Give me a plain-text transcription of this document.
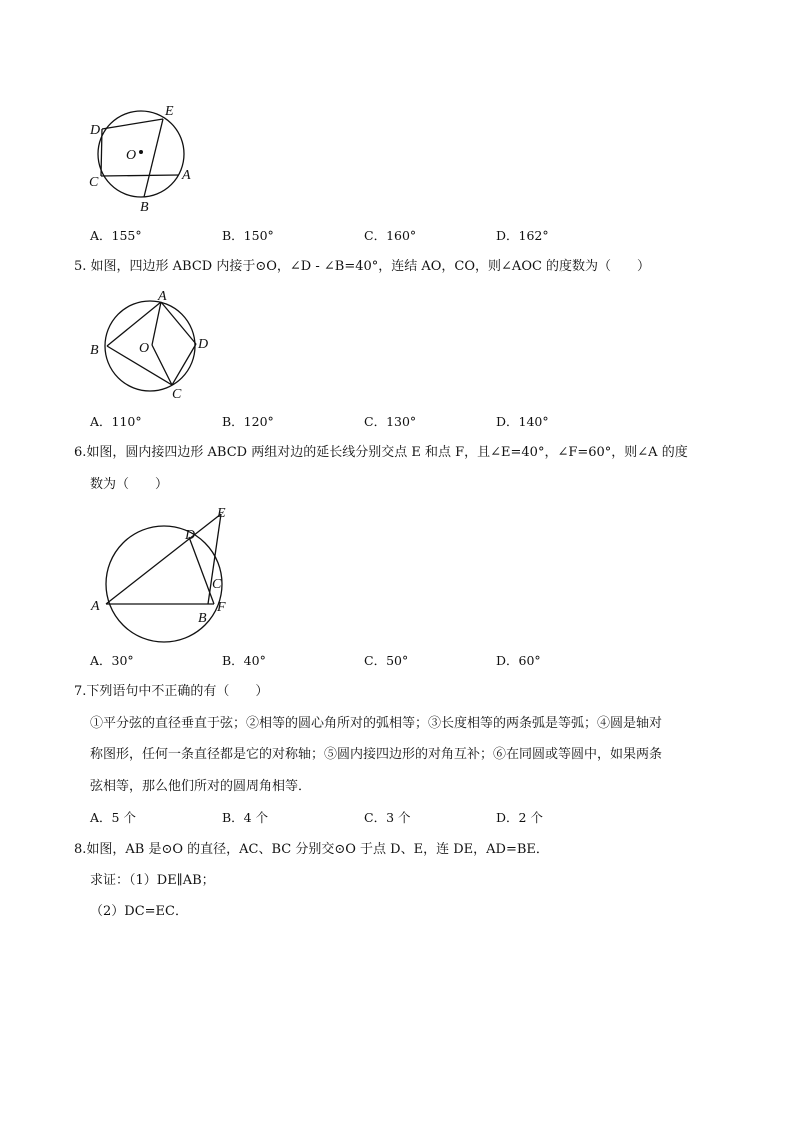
D
E
O
C	A
B
A．155°	B．150°	C．160°	D．162°
5. 如图，四边形 ABCD 内接于⊙O，∠D - ∠B=40°，连结 AO，CO，则∠AOC 的度数为（　　）
A
B	O	D
C
A．110°	B．120°	C．130°	D．140°
6.如图，圆内接四边形 ABCD 两组对边的延长线分别交点 E 和点 F，且∠E=40°，∠F=60°，则∠A 的度
数为（　　）
E
D
C
A	F
B
A．30°	B．40°	C．50°	D．60°
7.下列语句中不正确的有（　　）
①平分弦的直径垂直于弦；②相等的圆心角所对的弧相等；③长度相等的两条弧是等弧；④圆是轴对
称图形，任何一条直径都是它的对称轴；⑤圆内接四边形的对角互补；⑥在同圆或等圆中，如果两条
弦相等，那么他们所对的圆周角相等．
A．5 个	B．4 个	C．3 个	D．2 个
8.如图，AB 是⊙O 的直径，AC、BC 分别交⊙O 于点 D、E，连 DE，AD=BE．
求证：（1）DE∥AB；
（2）DC=EC．
